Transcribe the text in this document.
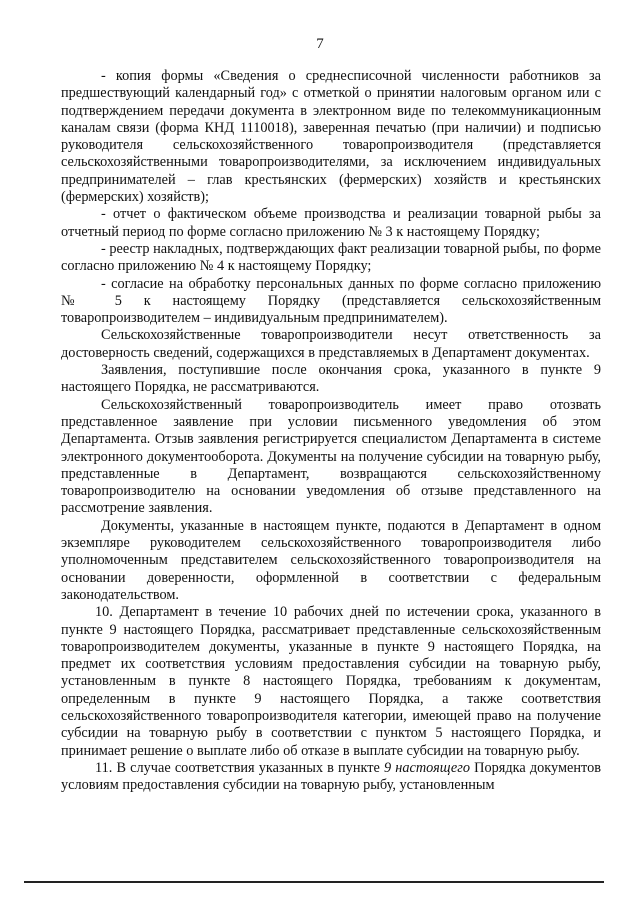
7

- копия формы «Сведения о среднесписочной численности работников за предшествующий календарный год» с отметкой о принятии налоговым органом или с подтверждением передачи документа в электронном виде по телекоммуникационным каналам связи (форма КНД 1110018), заверенная печатью (при наличии) и подписью руководителя сельскохозяйственного товаропроизводителя (представляется сельскохозяйственными товаропроизводителями, за исключением индивидуальных предпринимателей – глав крестьянских (фермерских) хозяйств и крестьянских (фермерских) хозяйств);

- отчет о фактическом объеме производства и реализации товарной рыбы за отчетный период по форме согласно приложению № 3 к настоящему Порядку;

- реестр накладных, подтверждающих факт реализации товарной рыбы, по форме согласно приложению № 4 к настоящему Порядку;

- согласие на обработку персональных данных по форме согласно приложению № 5 к настоящему Порядку (представляется сельскохозяйственным товаропроизводителем – индивидуальным предпринимателем).

Сельскохозяйственные товаропроизводители несут ответственность за достоверность сведений, содержащихся в представляемых в Департамент документах.

Заявления, поступившие после окончания срока, указанного в пункте 9 настоящего Порядка, не рассматриваются.

Сельскохозяйственный товаропроизводитель имеет право отозвать представленное заявление при условии письменного уведомления об этом Департамента. Отзыв заявления регистрируется специалистом Департамента в системе электронного документооборота. Документы на получение субсидии на товарную рыбу, представленные в Департамент, возвращаются сельскохозяйственному товаропроизводителю на основании уведомления об отзыве представленного на рассмотрение заявления.

Документы, указанные в настоящем пункте, подаются в Департамент в одном экземпляре руководителем сельскохозяйственного товаропроизводителя либо уполномоченным представителем сельскохозяйственного товаропроизводителя на основании доверенности, оформленной в соответствии с федеральным законодательством.

10. Департамент в течение 10 рабочих дней по истечении срока, указанного в пункте 9 настоящего Порядка, рассматривает представленные сельскохозяйственным товаропроизводителем документы, указанные в пункте 9 настоящего Порядка, на предмет их соответствия условиям предоставления субсидии на товарную рыбу, установленным в пункте 8 настоящего Порядка, требованиям к документам, определенным в пункте 9 настоящего Порядка, а также соответствия сельскохозяйственного товаропроизводителя категории, имеющей право на получение субсидии на товарную рыбу в соответствии с пунктом 5 настоящего Порядка, и принимает решение о выплате либо об отказе в выплате субсидии на товарную рыбу.

11. В случае соответствия указанных в пункте 9 настоящего Порядка документов условиям предоставления субсидии на товарную рыбу, установленным
